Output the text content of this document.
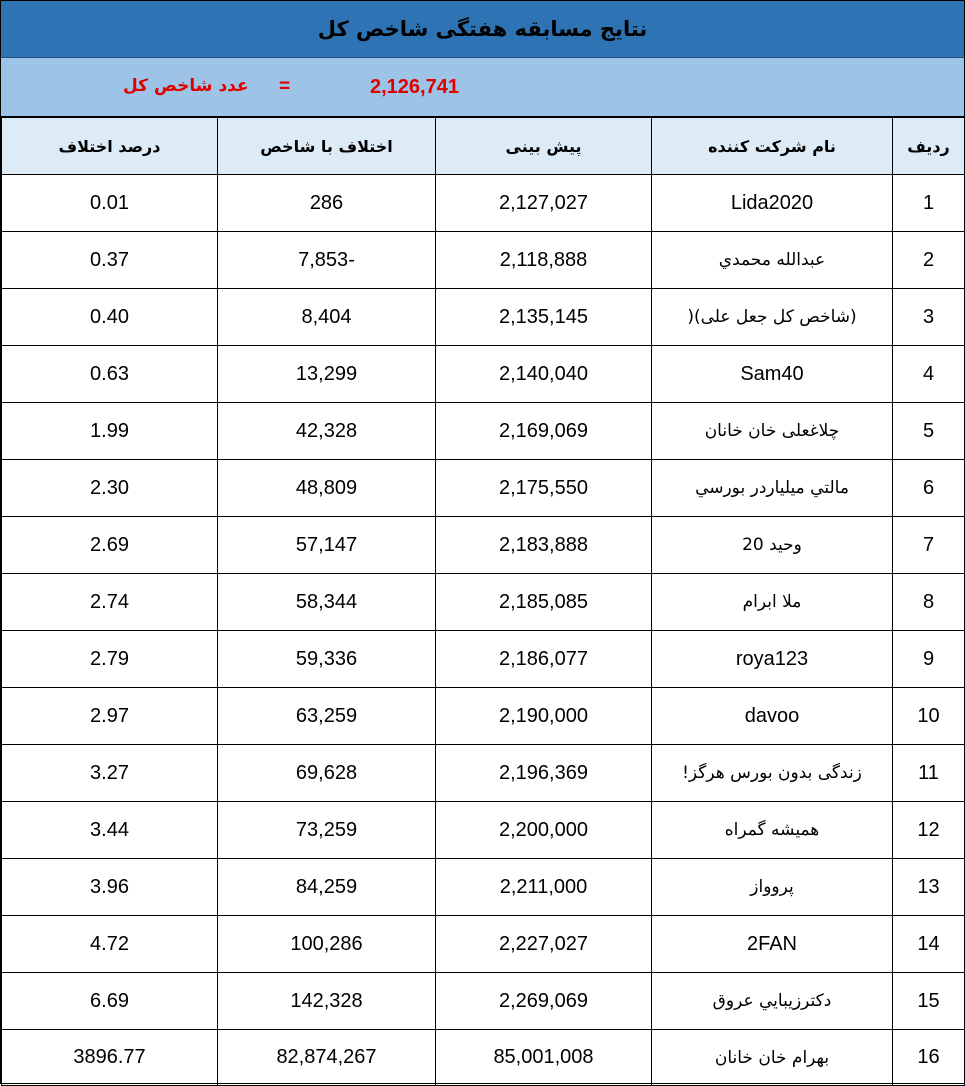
نتایج مسابقه هفتگی شاخص کل
عدد شاخص کل =	2,126,741
ردیف	نام شرکت کننده	پیش بینی	اختلاف با شاخص	درصد اختلاف
1	Lida2020	2,127,027	286	0.01
2	عبدالله محمدي	2,118,888	-7,853	0.37
3	(شاخص کل جعل على)(	2,135,145	8,404	0.40
4	Sam40	2,140,040	13,299	0.63
5	چلاغعلی خان خانان	2,169,069	42,328	1.99
6	مالتي ميلياردر بورسي	2,175,550	48,809	2.30
7	وحید 20	2,183,888	57,147	2.69
8	ملا ابرام	2,185,085	58,344	2.74
9	roya123	2,186,077	59,336	2.79
10	davoo	2,190,000	63,259	2.97
11	زندگی بدون بورس هرگز!	2,196,369	69,628	3.27
12	همیشه گمراه	2,200,000	73,259	3.44
13	پروواز	2,211,000	84,259	3.96
14	2FAN	2,227,027	100,286	4.72
15	دکترزيبايي عروق	2,269,069	142,328	6.69
16	بهرام خان خانان	85,001,008	82,874,267	3896.77
